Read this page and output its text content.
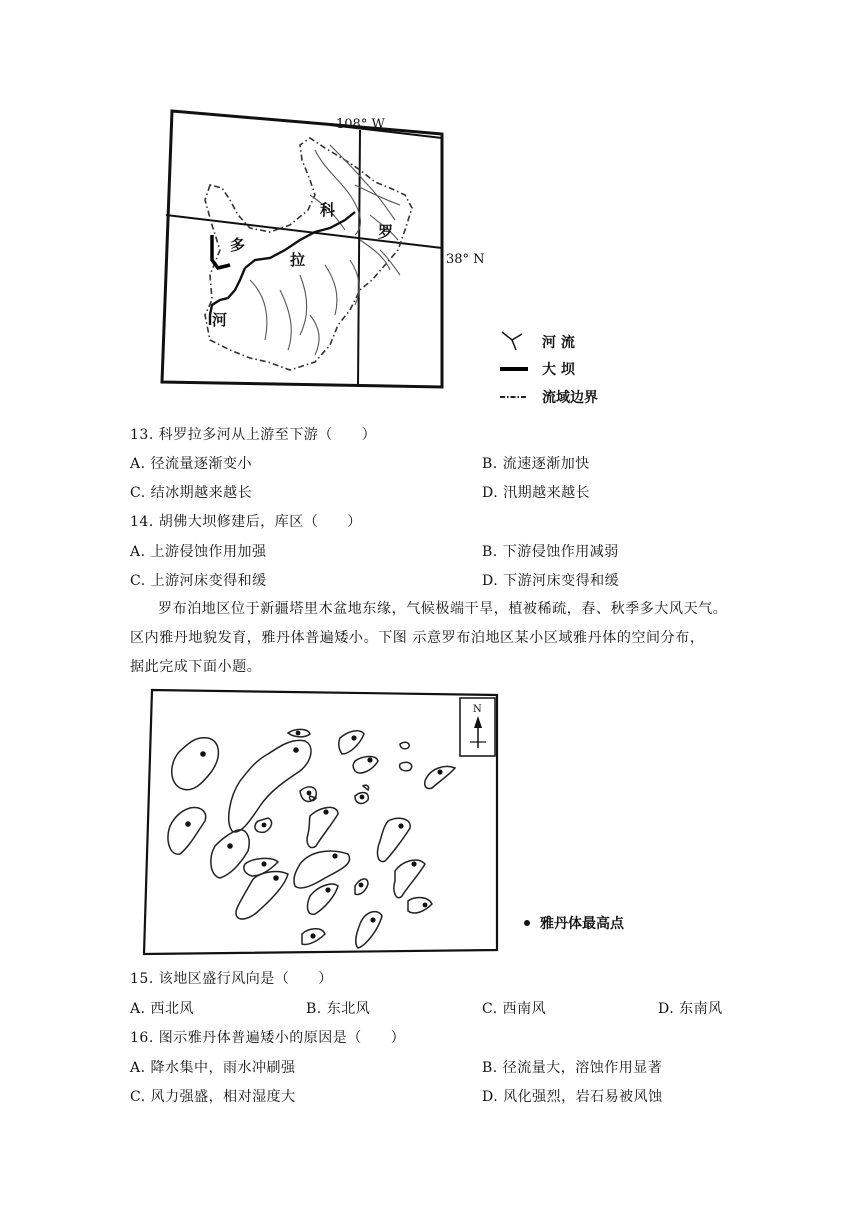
科
罗
拉
多
河
108° W
38° N
河 流
大 坝
流域边界
13. 科罗拉多河从上游至下游（　　）
A. 径流量逐渐变小	B. 流速逐渐加快
C. 结冰期越来越长	D. 汛期越来越长
14. 胡佛大坝修建后，库区（　　）
A. 上游侵蚀作用加强	B. 下游侵蚀作用减弱
C. 上游河床变得和缓	D. 下游河床变得和缓
罗布泊地区位于新疆塔里木盆地东缘，气候极端干旱，植被稀疏，春、秋季多大风天气。
区内雅丹地貌发育，雅丹体普遍矮小。下图 示意罗布泊地区某小区域雅丹体的空间分布，
据此完成下面小题。
N
雅丹体最高点
15. 该地区盛行风向是（　　）
A. 西北风	B. 东北风	C. 西南风	D. 东南风
16. 图示雅丹体普遍矮小的原因是（　　）
A. 降水集中，雨水冲刷强	B. 径流量大，溶蚀作用显著
C. 风力强盛，相对湿度大	D. 风化强烈，岩石易被风蚀
